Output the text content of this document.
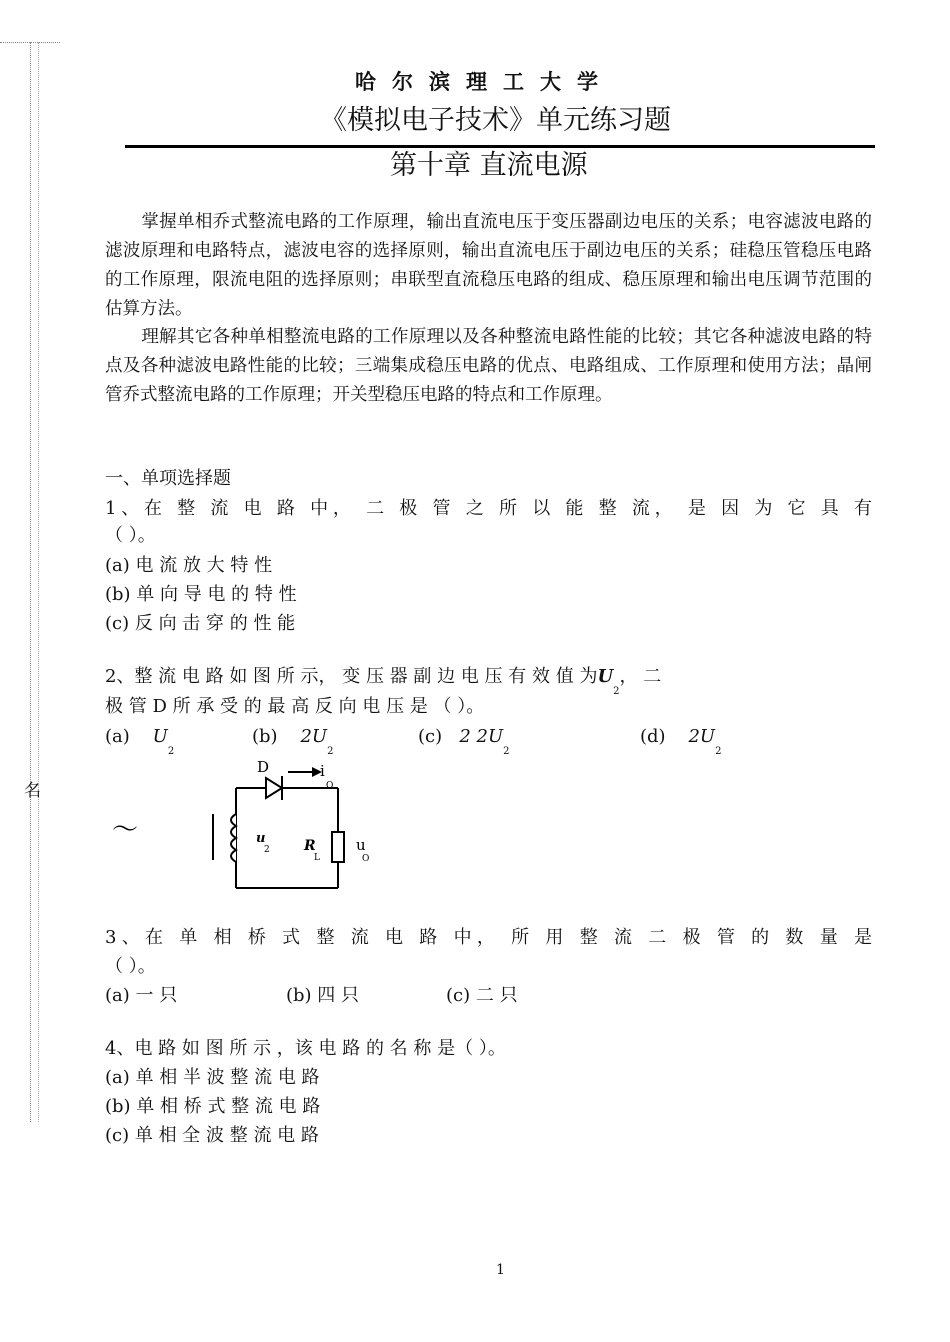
名
哈尔滨理工大学
《模拟电子技术》单元练习题
第十章 直流电源
掌握单相乔式整流电路的工作原理，输出直流电压于变压器副边电压的关系；电容滤波电路的滤波原理和电路特点，滤波电容的选择原则，输出直流电压于副边电压的关系；硅稳压管稳压电路的工作原理，限流电阻的选择原则；串联型直流稳压电路的组成、稳压原理和输出电压调节范围的估算方法。
理解其它各种单相整流电路的工作原理以及各种整流电路性能的比较；其它各种滤波电路的特点及各种滤波电路性能的比较；三端集成稳压电路的优点、电路组成、工作原理和使用方法；晶闸管乔式整流电路的工作原理；开关型稳压电路的特点和工作原理。
一、单项选择题
1、在 整 流 电 路 中， 二 极 管 之 所 以 能 整 流， 是 因 为 它 具 有
（ ）。
(a) 电 流 放 大 特 性
(b) 单 向 导 电 的 特 性
(c) 反 向 击 穿 的 性 能
2、整 流 电 路 如 图 所 示， 变 压 器 副 边 电 压 有 效 值 为$U_2$， 二
极 管 D 所 承 受 的 最 高 反 向 电 压 是 （ ）。
(a) $U_2$
(b) $2U_2$
(c) 2 $2U_2$
(d) $2U_2$
～
D	i
O
u
2 R
L
u
O
3、在 单 相 桥 式 整 流 电 路 中， 所 用 整 流 二 极 管 的 数 量 是
（ ）。
(a) 一 只	(b) 四 只	(c) 二 只
4、电 路 如 图 所 示 ，该 电 路 的 名 称 是（ ）。
(a) 单 相 半 波 整 流 电 路
(b) 单 相 桥 式 整 流 电 路
(c) 单 相 全 波 整 流 电 路
1
